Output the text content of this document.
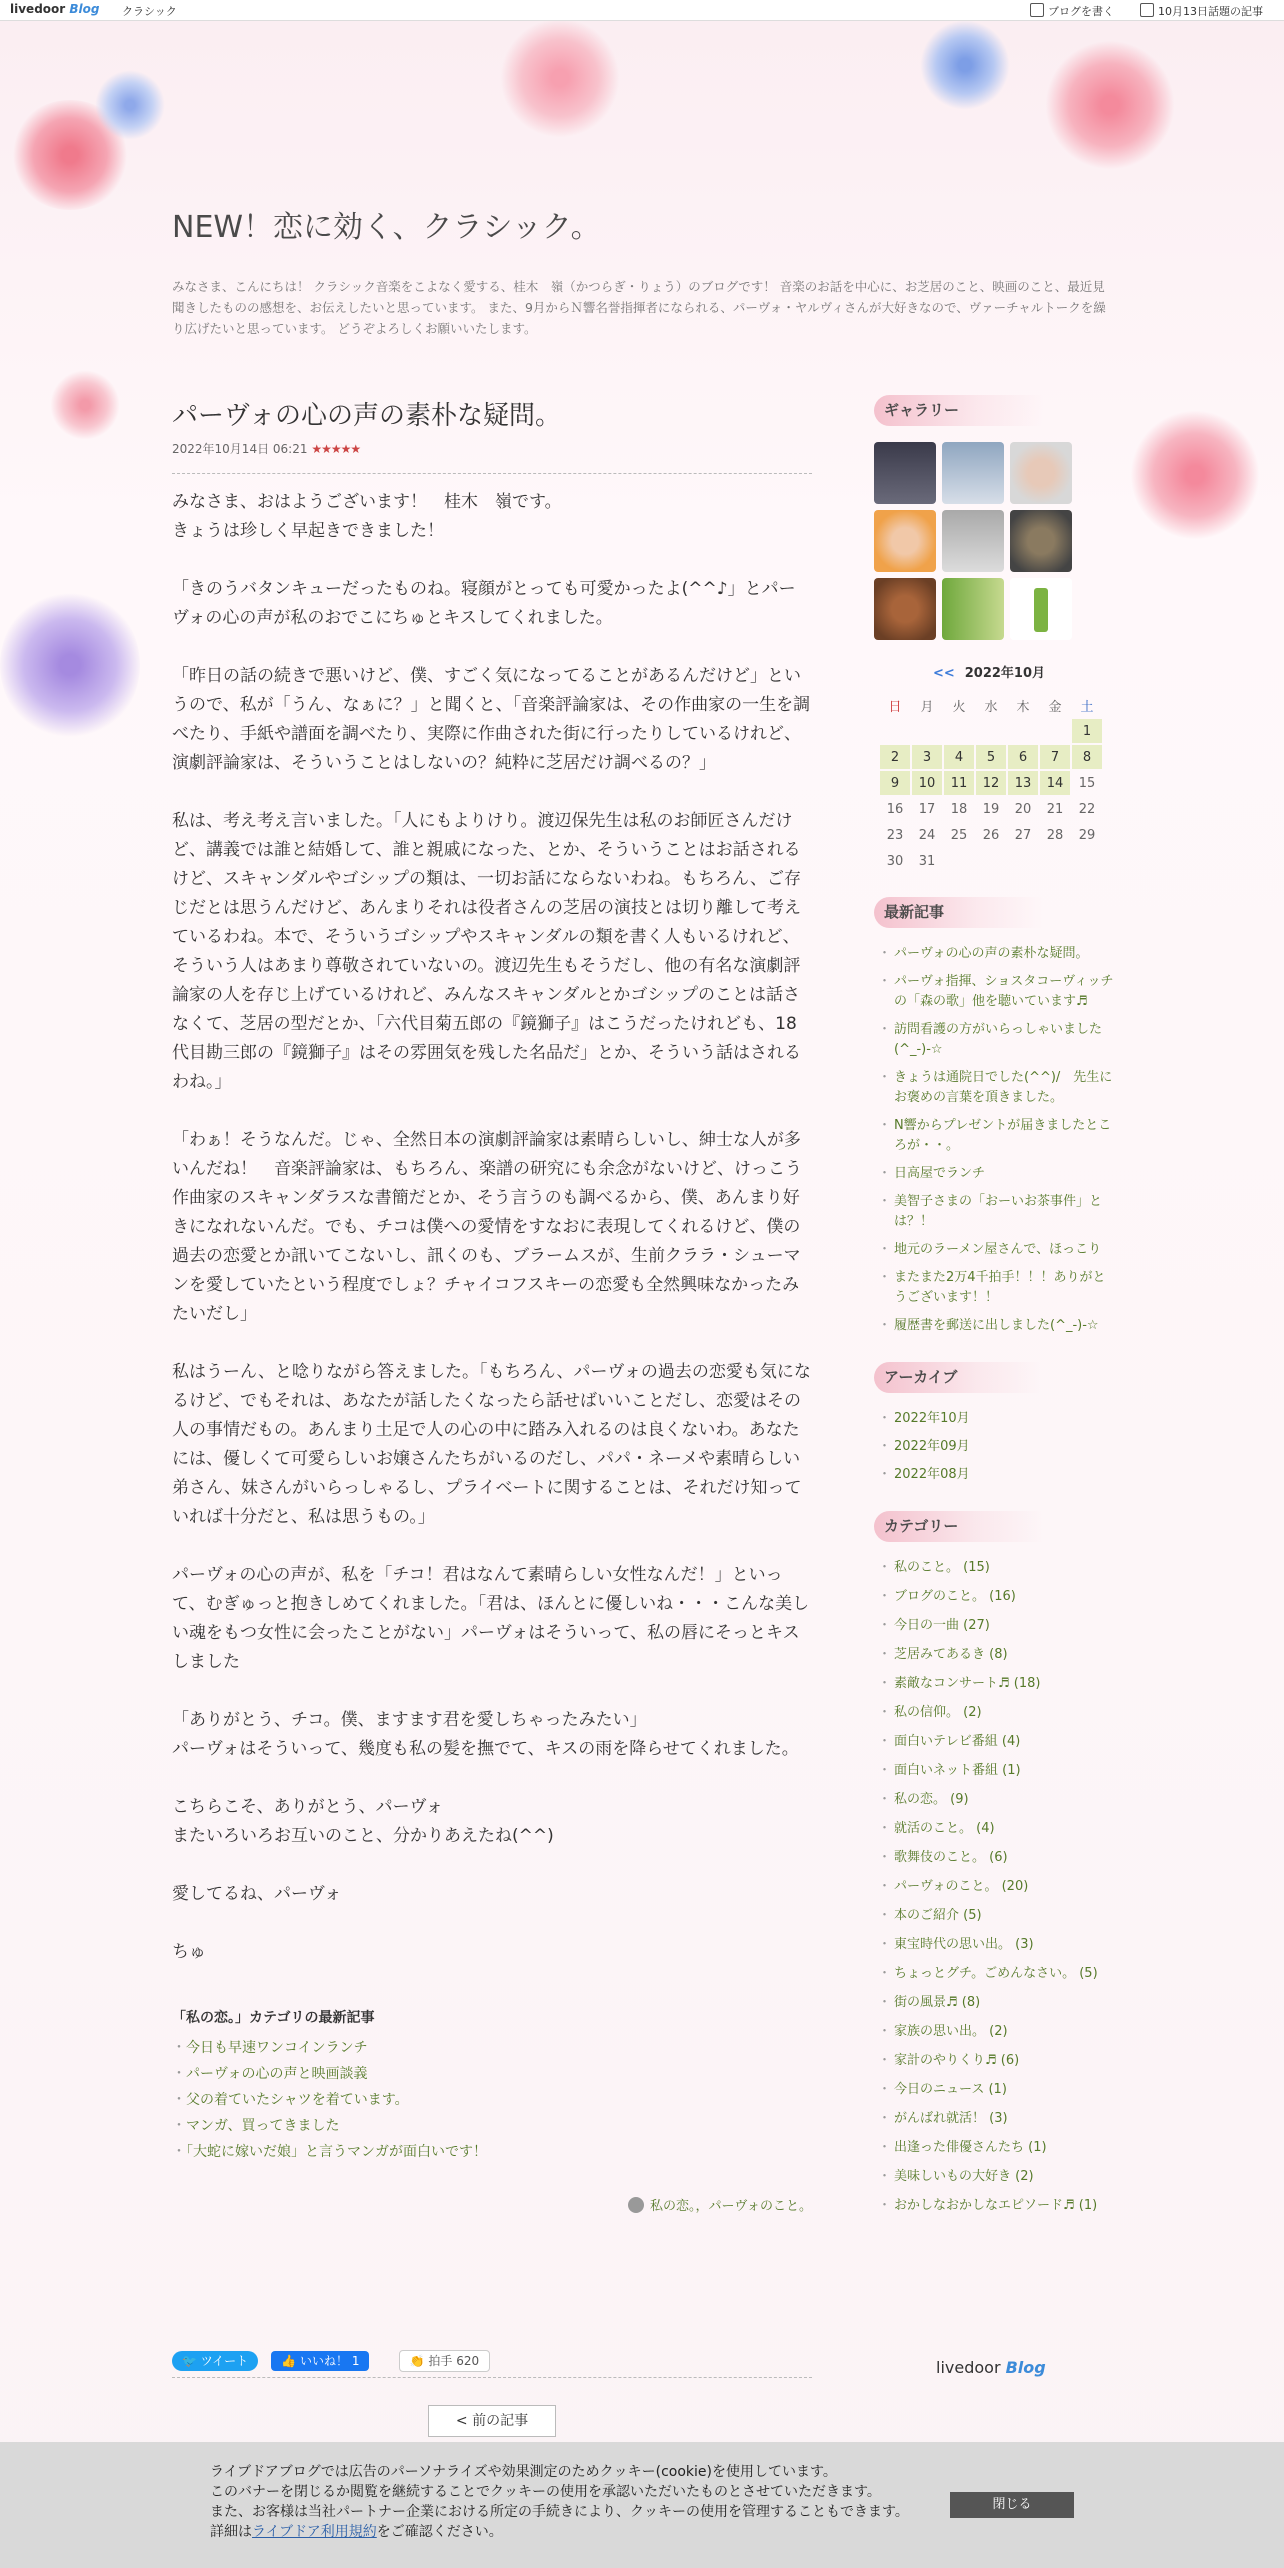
livedoor Blog クラシック	ブログを書く	10月13日話題の記事
NEW！恋に効く、クラシック。

みなさま、こんにちは！ クラシック音楽をこよなく愛する、桂木　嶺（かつらぎ・りょう）のブログです！ 音楽のお話を中心に、お芝居のこと、映画のこと、最近見聞きしたものの感想を、お伝えしたいと思っています。 また、9月からＮ響名誉指揮者になられる、パーヴォ・ヤルヴィさんが大好きなので、ヴァーチャルトークを繰り広げたいと思っています。 どうぞよろしくお願いいたします。

パーヴォの心の声の素朴な疑問。
2022年10月14日 06:21 ★★★★★

みなさま、おはようございます！　桂木　嶺です。
きょうは珍しく早起きできました！

「きのうバタンキューだったものね。寝顔がとっても可愛かったよ(^^♪」とパーヴォの心の声が私のおでこにちゅ︎とキスしてくれました。

「昨日の話の続きで悪いけど、僕、すごく気になってることがあるんだけど」というので、私が「うん、なぁに？」と聞くと、「音楽評論家は、その作曲家の一生を調べたり、手紙や譜面を調べたり、実際に作曲された街に行ったりしているけれど、演劇評論家は、そういうことはしないの？純粋に芝居だけ調べるの？」

私は、考え考え言いました。「人にもよりけり。渡辺保先生は私のお師匠さんだけど、講義では誰と結婚して、誰と親戚になった、とか、そういうことはお話されるけど、スキャンダルやゴシップの類は、一切お話にならないわね。もちろん、ご存じだとは思うんだけど、あんまりそれは役者さんの芝居の演技とは切り離して考えているわね。本で、そういうゴシップやスキャンダルの類を書く人もいるけれど、そういう人はあまり尊敬されていないの。渡辺先生もそうだし、他の有名な演劇評論家の人を存じ上げているけれど、みんなスキャンダルとかゴシップのことは話さなくて、芝居の型だとか、「六代目菊五郎の『鏡獅子』はこうだったけれども、18代目勘三郎の『鏡獅子』はその雰囲気を残した名品だ」とか、そういう話はされるわね。」

「わぁ！そうなんだ。じゃ、全然日本の演劇評論家は素晴らしいし、紳士な人が多いんだね！　音楽評論家は、もちろん、楽譜の研究にも余念がないけど、けっこう作曲家のスキャンダラスな書簡だとか、そう言うのも調べるから、僕、あんまり好きになれないんだ。でも、チコは僕への愛情をすなおに表現してくれるけど、僕の過去の恋愛とか訊いてこないし、訊くのも、ブラームスが、生前クララ・シューマンを愛していたという程度でしょ？チャイコフスキーの恋愛も全然興味なかったみたいだし」

私はうーん、と唸りながら答えました。「もちろん、パーヴォの過去の恋愛も気になるけど、でもそれは、あなたが話したくなったら話せばいいことだし、恋愛はその人の事情だもの。あんまり土足で人の心の中に踏み入れるのは良くないわ。あなたには、優しくて可愛らしいお嬢さんたちがいるのだし、パパ・ネーメや素晴らしい弟さん、妹さんがいらっしゃるし、プライベートに関することは、それだけ知っていれば十分だと、私は思うもの。」

パーヴォの心の声が、私を「チコ！君はなんて素晴らしい女性なんだ！」といって、むぎゅっと抱きしめてくれました。「君は、ほんとに優しいね・・・こんな美しい魂をもつ女性に会ったことがない」パーヴォはそういって、私の唇にそっとキスしました︎

「ありがとう、チコ。僕、ますます君を愛しちゃったみたい︎」
パーヴォはそういって、幾度も私の髪を撫でて、キスの雨を降らせてくれました。

こちらこそ、ありがとう、パーヴォ︎
またいろいろお互いのこと、分かりあえたね(^^)

愛してるね、パーヴォ︎

ちゅ︎

「私の恋。」カテゴリの最新記事
・ 今日も早速ワンコインランチ︎
・ パーヴォの心の声と映画談義︎
・ 父の着ていたシャツを着ています。
・ マンガ、買ってきました︎
・ 「大蛇に嫁いだ娘」と言うマンガが面白いです！
私の恋。，パーヴォのこと。
🐦 ツイート	👍 いいね！ 1	👏 拍手 620
< 前の記事
ギャラリー
<< 2022年10月
日	月	火	水	木	金	土
						1
2	3	4	5	6	7	8
9	10	11	12	13	14	15
16	17	18	19	20	21	22
23	24	25	26	27	28	29
30	31					
最新記事
・ パーヴォの心の声の素朴な疑問。
・ パーヴォ指揮、ショスタコーヴィッチの「森の歌」他を聴いています♬
・ 訪問看護の方がいらっしゃいました(^_-)-☆
・ きょうは通院日でした(^^)/　先生にお褒めの言葉を頂きました。
・ N響からプレゼントが届きました︎ところが・・。
・ 日高屋でランチ︎
・ 美智子さまの「おーいお茶事件」とは？！
・ 地元のラーメン屋さんで、ほっこり︎
・ またまた2万4千拍手！！！ありがとうございます！！
・ 履歴書を郵送に出しました(^_-)-☆
アーカイブ
・ 2022年10月
・ 2022年09月
・ 2022年08月
カテゴリー
・ 私のこと。 (15)
・ ブログのこと。 (16)
・ 今日の一曲 (27)
・ 芝居みてあるき (8)
・ 素敵なコンサート♬ (18)
・ 私の信仰。 (2)
・ 面白いテレビ番組 (4)
・ 面白いネット番組 (1)
・ 私の恋。 (9)
・ 就活のこと。 (4)
・ 歌舞伎のこと。 (6)
・ パーヴォのこと。 (20)
・ 本のご紹介 (5)
・ 東宝時代の思い出。 (3)
・ ちょっとグチ。ごめんなさい。 (5)
・ 街の風景♬ (8)
・ 家族の思い出。 (2)
・ 家計のやりくり♬ (6)
・ 今日のニュース︎ (1)
・ がんばれ就活！ (3)
・ 出逢った俳優さんたち (1)
・ 美味しいもの大好き︎ (2)
・ おかしなおかしなエピソード♬ (1)
livedoor Blog

ライブドアブログでは広告のパーソナライズや効果測定のためクッキー(cookie)を使用しています。
このバナーを閉じるか閲覧を継続することでクッキーの使用を承認いただいたものとさせていただきます。
また、お客様は当社パートナー企業における所定の手続きにより、クッキーの使用を管理することもできます。
詳細はライブドア利用規約をご確認ください。

閉じる
